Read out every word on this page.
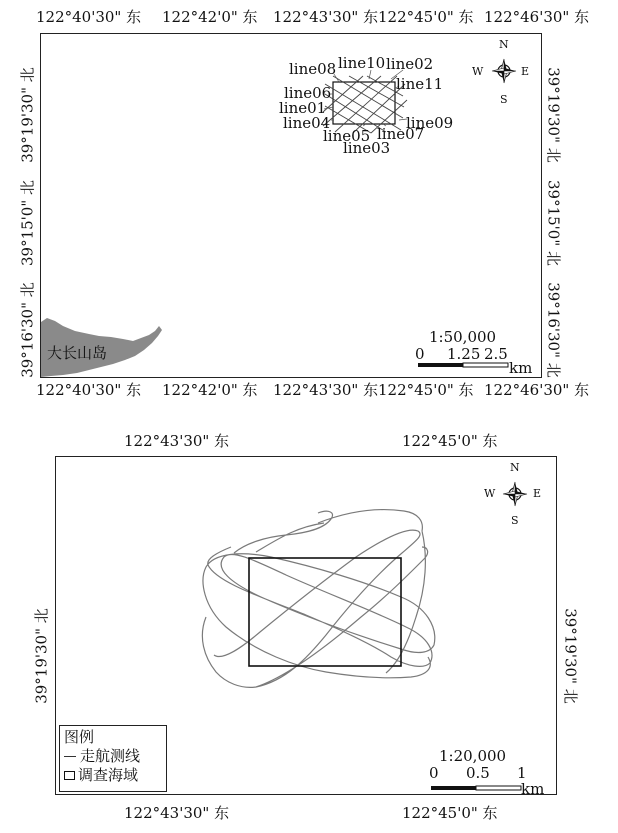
122°40'30" 东 122°42'0" 东 122°43'30" 东 122°45'0" 东 122°46'30" 东
39°19'30" 北
39°15'0" 北
39°16'30" 北
39°19'30" 北
39°15'0" 北
39°16'30" 北
line08 line10 line02
line11
line06
line01
line04
line05 line07
line09
line03
N
S
W	E
大长山岛
1:50,000
0 1.25 2.5
km
122°40'30" 东 122°42'0" 东 122°43'30" 东 122°45'0" 东 122°46'30" 东
122°43'30" 东	122°45'0" 东
39°19'30" 北	39°19'30" 北
N
S
W	E
1:20,000
0 0.5 1
km
图例
走航测线
调查海域
122°43'30" 东	122°45'0" 东
